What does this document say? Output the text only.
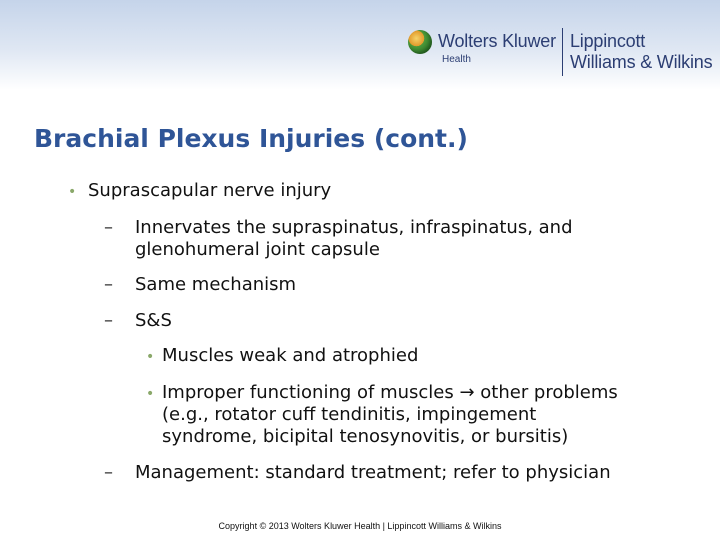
Wolters Kluwer
Health
Lippincott
Williams & Wilkins
Brachial Plexus Injuries (cont.)
• Suprascapular nerve injury
– Innervates the supraspinatus, infraspinatus, and
glenohumeral joint capsule
– Same mechanism
– S&S
• Muscles weak and atrophied
• Improper functioning of muscles → other problems
(e.g., rotator cuff tendinitis, impingement
syndrome, bicipital tenosynovitis, or bursitis)
– Management: standard treatment; refer to physician
Copyright © 2013 Wolters Kluwer Health | Lippincott Williams & Wilkins
